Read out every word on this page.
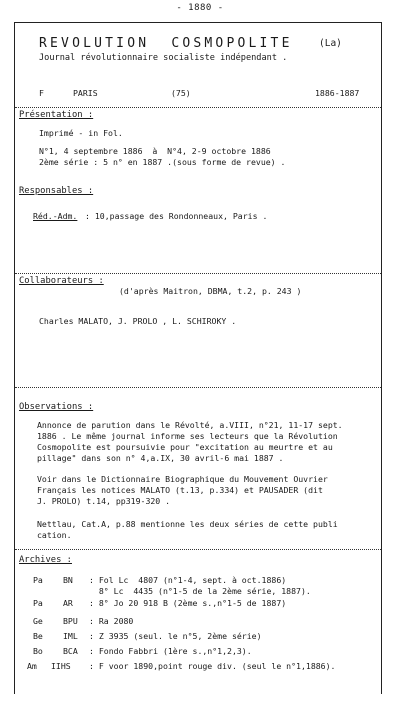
- 1880 -
REVOLUTION  COSMOPOLITE	(La)
Journal révolutionnaire socialiste indépendant .
F	PARIS	(75)	1886-1887
Présentation :
Imprimé - in Fol.
N°1, 4 septembre 1886  à  N°4, 2-9 octobre 1886
2ème série : 5 n° en 1887 .(sous forme de revue) .
Responsables :
Réd.-Adm. : 10,passage des Rondonneaux, Paris .
Collaborateurs :
(d'après Maitron, DBMA, t.2, p. 243 )
Charles MALATO, J. PROLO , L. SCHIROKY .
Observations :
Annonce de parution dans le Révolté, a.VIII, n°21, 11-17 sept.
1886 . Le même journal informe ses lecteurs que la Révolution
Cosmopolite est poursuivie pour "excitation au meurtre et au
pillage" dans son n° 4,a.IX, 30 avril-6 mai 1887 .
Voir dans le Dictionnaire Biographique du Mouvement Ouvrier
Français les notices MALATO (t.13, p.334) et PAUSADER (dit
J. PROLO) t.14, pp319-320 .
Nettlau, Cat.A, p.88 mentionne les deux séries de cette publi
cation.
Archives :
Pa BN : Fol Lc  4807 (n°1-4, sept. à oct.1886)
8° Lc  4435 (n°1-5 de la 2ème série, 1887).
Pa AR : 8° Jo 20 918 B (2ème s.,n°1-5 de 1887)
Ge BPU : Ra 2080
Be IML : Z 3935 (seul. le n°5, 2ème série)
Bo BCA : Fondo Fabbri (1ère s.,n°1,2,3).
Am IIHS : F voor 1890,point rouge div. (seul le n°1,1886).
